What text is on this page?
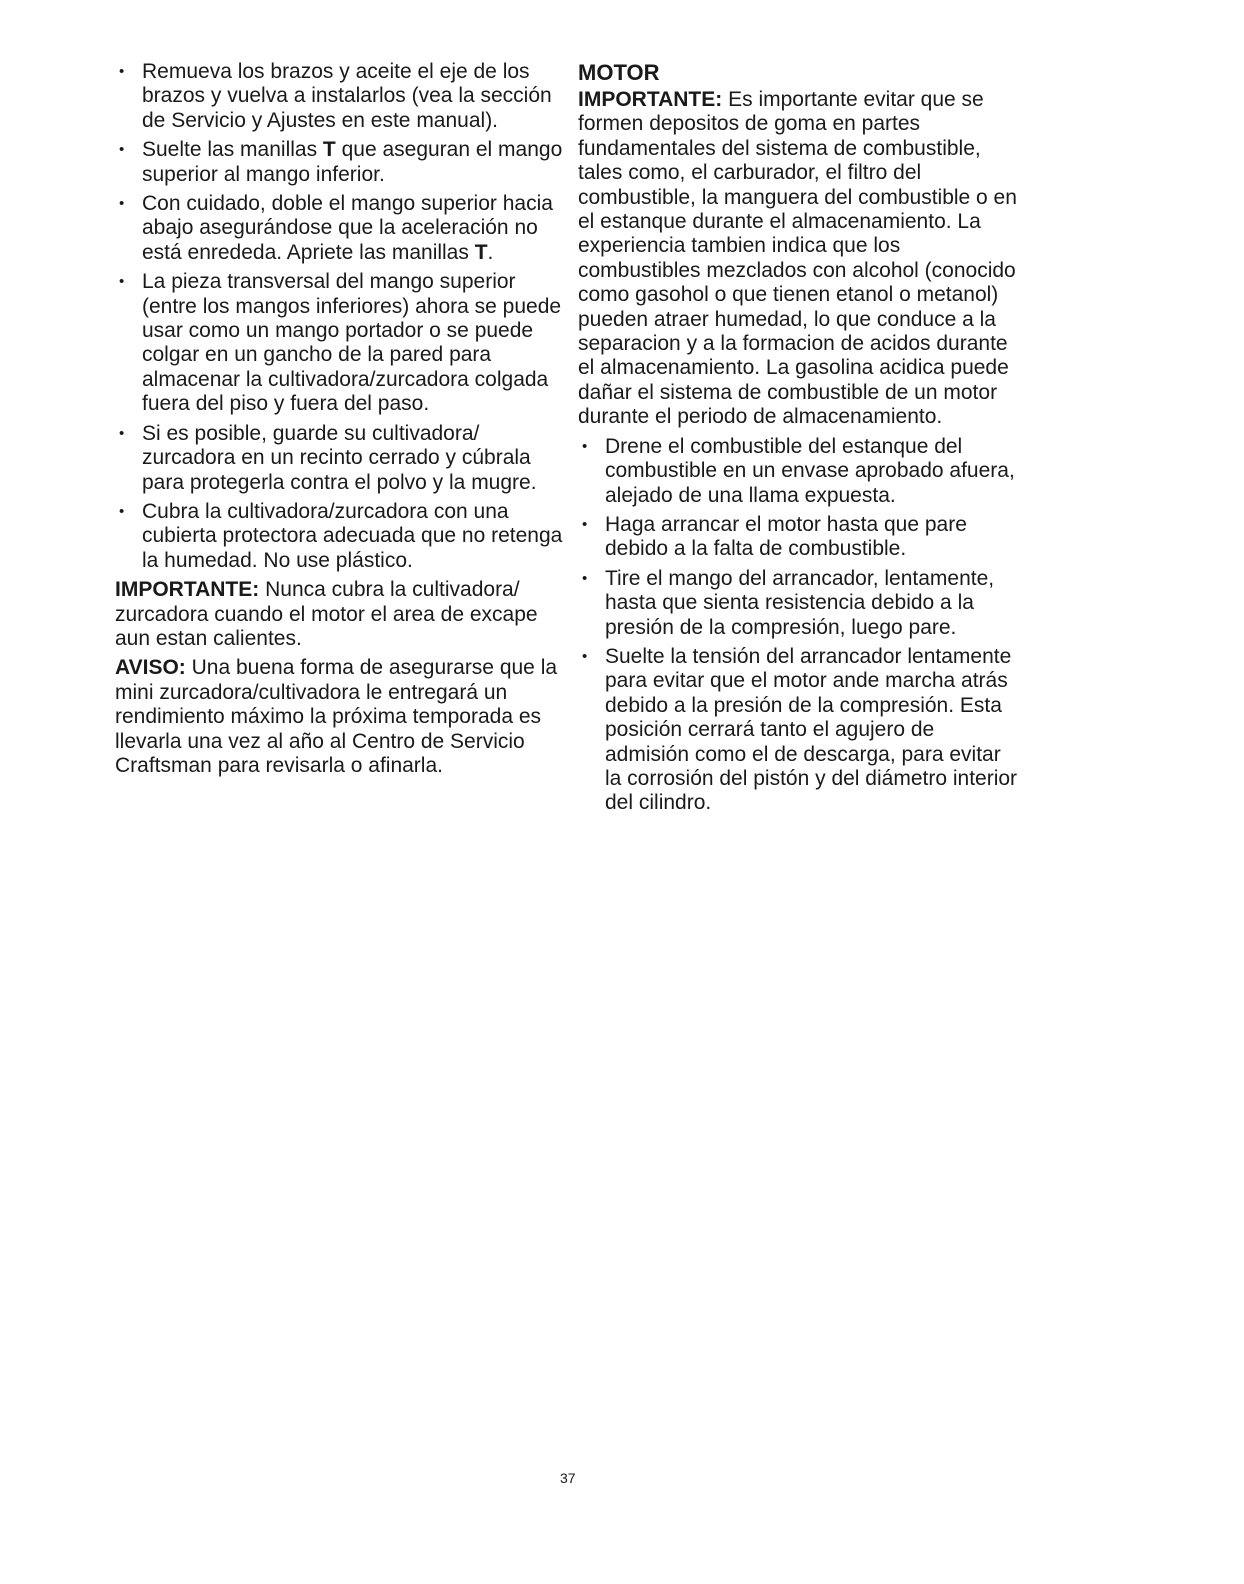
• Remueva los brazos y aceite el eje de los brazos y vuelva a instalarlos (vea la sección de Servicio y Ajustes en este manual).
• Suelte las manillas T que aseguran el mango superior al mango inferior.
• Con cuidado, doble el mango superior hacia abajo asegurándose que la aceleración no está enrededa. Apriete las manillas T.
• La pieza transversal del mango superior (entre los mangos inferiores) ahora se puede usar como un mango portador o se puede colgar en un gancho de la pared para almacenar la cultivadora/zurcadora colgada fuera del piso y fuera del paso.
• Si es posible, guarde su cultivadora/ zurcadora en un recinto cerrado y cúbrala para protegerla contra el polvo y la mugre.
• Cubra la cultivadora/zurcadora con una cubierta protectora adecuada que no retenga la humedad. No use plástico.

IMPORTANTE: Nunca cubra la cultivadora/ zurcadora cuando el motor el area de excape aun estan calientes.

AVISO: Una buena forma de asegurarse que la mini zurcadora/cultivadora le entregará un rendimiento máximo la próxima temporada es llevarla una vez al año al Centro de Servicio Craftsman para revisarla o afinarla.

MOTOR

IMPORTANTE: Es importante evitar que se formen depositos de goma en partes fundamentales del sistema de combustible, tales como, el carburador, el filtro del combustible, la manguera del combustible o en el estanque durante el almacenamiento. La experiencia tambien indica que los combustibles mezclados con alcohol (conocido como gasohol o que tienen etanol o metanol) pueden atraer humedad, lo que conduce a la separacion y a la formacion de acidos durante el almacenamiento. La gasolina acidica puede dañar el sistema de combustible de un motor durante el periodo de almacenamiento.

• Drene el combustible del estanque del combustible en un envase aprobado afuera, alejado de una llama expuesta.
• Haga arrancar el motor hasta que pare debido a la falta de combustible.
• Tire el mango del arrancador, lentamente, hasta que sienta resistencia debido a la presión de la compresión, luego pare.
• Suelte la tensión del arrancador lentamente para evitar que el motor ande marcha atrás debido a la presión de la compresión. Esta posición cerrará tanto el agujero de admisión como el de descarga, para evitar la corrosión del pistón y del diámetro interior del cilindro.
37
